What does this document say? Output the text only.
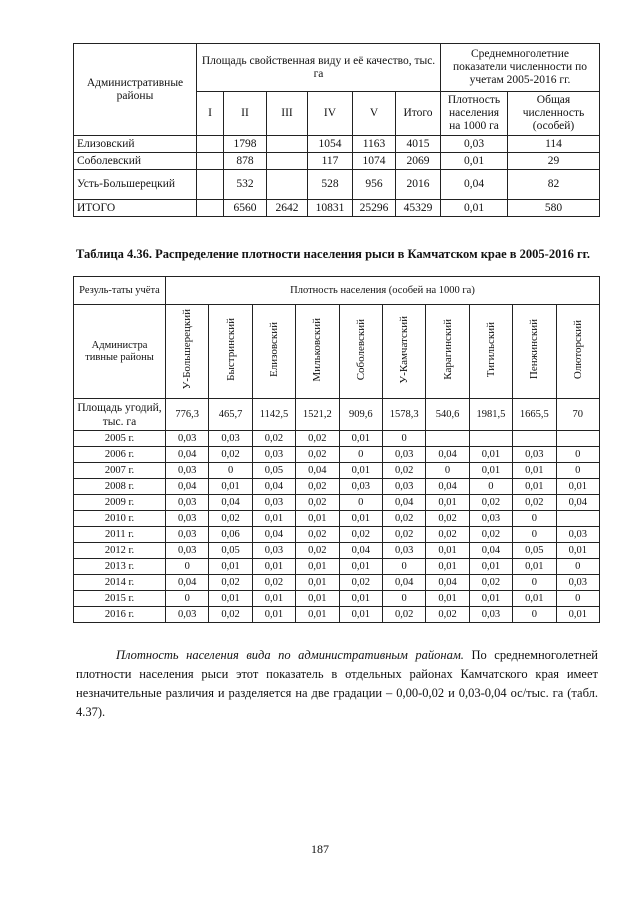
Административные районы	Площадь свойственная виду и её качество, тыс. га						Среднемноголетние показатели численности по учетам 2005-2016 гг.	
	I	II	III	IV	V	Итого	Плотность населения на 1000 га	Общая численность (особей)
Елизовский		1798		1054	1163	4015	0,03	114
Соболевский		878		117	1074	2069	0,01	29
Усть-Большерецкий		532		528	956	2016	0,04	82
ИТОГО		6560	2642	10831	25296	45329	0,01	580
Таблица 4.36. Распределение плотности населения рыси в Камчатском крае в 2005-2016 гг.
Резуль-таты учёта	Плотность населения (особей на 1000 га)									
Администра тивные районы	У-Большерецкий	Быстринский	Елизовский	Мильковский	Соболевский	У-Камчатский	Карагинский	Тигильский	Пенжинский	Олюторский
Площадь угодий, тыс. га	776,3	465,7	1142,5	1521,2	909,6	1578,3	540,6	1981,5	1665,5	70
2005 г.	0,03	0,03	0,02	0,02	0,01	0				
2006 г.	0,04	0,02	0,03	0,02	0	0,03	0,04	0,01	0,03	0
2007 г.	0,03	0	0,05	0,04	0,01	0,02	0	0,01	0,01	0
2008 г.	0,04	0,01	0,04	0,02	0,03	0,03	0,04	0	0,01	0,01
2009 г.	0,03	0,04	0,03	0,02	0	0,04	0,01	0,02	0,02	0,04
2010 г.	0,03	0,02	0,01	0,01	0,01	0,02	0,02	0,03	0	
2011 г.	0,03	0,06	0,04	0,02	0,02	0,02	0,02	0,02	0	0,03
2012 г.	0,03	0,05	0,03	0,02	0,04	0,03	0,01	0,04	0,05	0,01
2013 г.	0	0,01	0,01	0,01	0,01	0	0,01	0,01	0,01	0
2014 г.	0,04	0,02	0,02	0,01	0,02	0,04	0,04	0,02	0	0,03
2015 г.	0	0,01	0,01	0,01	0,01	0	0,01	0,01	0,01	0
2016 г.	0,03	0,02	0,01	0,01	0,01	0,02	0,02	0,03	0	0,01
Плотность населения вида по административным районам. По среднемноголетней плотности населения рыси этот показатель в отдельных районах Камчатского края имеет незначительные различия и разделяется на две градации – 0,00-0,02 и 0,03-0,04 ос/тыс. га (табл. 4.37).
187
